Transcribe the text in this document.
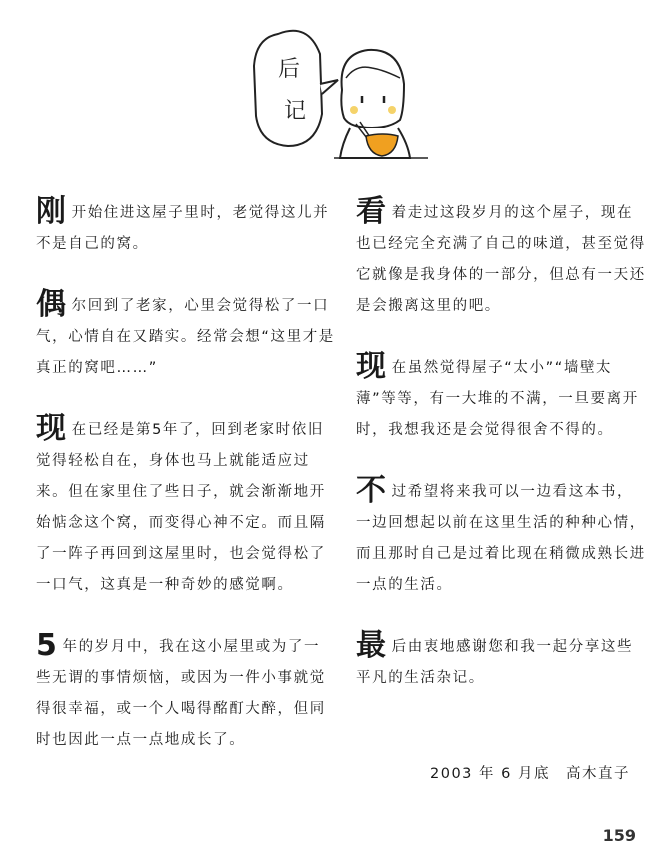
后
记

刚开始住进这屋子里时，老觉得这儿并不是自己的窝。

偶尔回到了老家，心里会觉得松了一口气，心情自在又踏实。经常会想“这里才是真正的窝吧……”

现在已经是第5年了，回到老家时依旧觉得轻松自在，身体也马上就能适应过来。但在家里住了些日子，就会渐渐地开始惦念这个窝，而变得心神不定。而且隔了一阵子再回到这屋里时，也会觉得松了一口气，这真是一种奇妙的感觉啊。

5 年的岁月中，我在这小屋里或为了一些无谓的事情烦恼，或因为一件小事就觉得很幸福，或一个人喝得酩酊大醉，但同时也因此一点一点地成长了。

看着走过这段岁月的这个屋子，现在也已经完全充满了自己的味道，甚至觉得它就像是我身体的一部分，但总有一天还是会搬离这里的吧。

现在虽然觉得屋子“太小”“墙壁太薄”等等，有一大堆的不满，一旦要离开时，我想我还是会觉得很舍不得的。

不过希望将来我可以一边看这本书，一边回想起以前在这里生活的种种心情，而且那时自己是过着比现在稍微成熟长进一点的生活。

最后由衷地感谢您和我一起分享这些平凡的生活杂记。

2003 年 6 月底　高木直子
159
